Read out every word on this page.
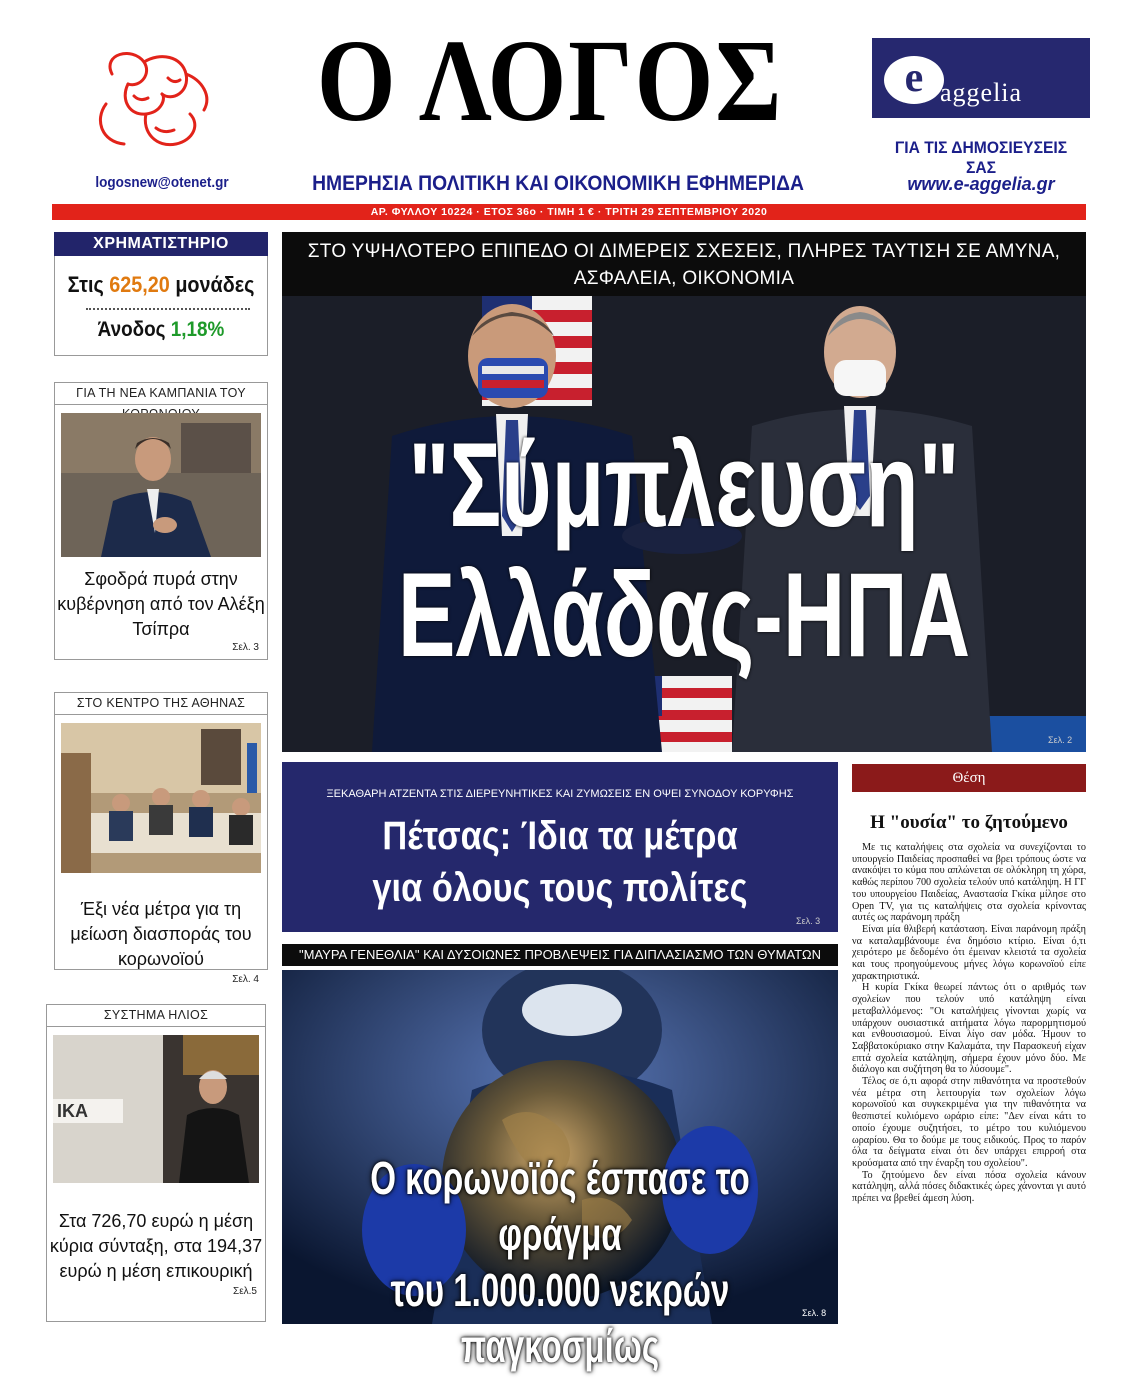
logosnew@otenet.gr
Ο ΛΟΓΟΣ
ΗΜΕΡΗΣΙΑ ΠΟΛΙΤΙΚΗ ΚΑΙ ΟΙΚΟΝΟΜΙΚΗ ΕΦΗΜΕΡΙΔΑ
e aggelia
ΓΙΑ ΤΙΣ ΔΗΜΟΣΙΕΥΣΕΙΣ ΣΑΣ
www.e-aggelia.gr
ΑΡ. ΦΥΛΛΟΥ 10224 · ΕΤΟΣ 36ο · ΤΙΜΗ 1 € · ΤΡΙΤΗ 29 ΣΕΠΤΕΜΒΡΙΟΥ 2020
ΧΡΗΜΑΤΙΣΤΗΡΙΟ
Στις 625,20 μονάδες
Άνοδος 1,18%
ΓΙΑ ΤΗ ΝΕΑ ΚΑΜΠΑΝΙΑ ΤΟΥ
Σφοδρά πυρά στην κυβέρνηση από τον Αλέξη Τσίπρα
Σελ. 3
ΣΤΟ ΚΕΝΤΡΟ ΤΗΣ ΑΘΗΝΑΣ
Έξι νέα μέτρα για τη μείωση διασποράς του κορωνοϊού
Σελ. 4
ΣΥΣΤΗΜΑ ΗΛΙΟΣ
ΙΚΑ
Στα 726,70 ευρώ η μέση κύρια σύνταξη, στα 194,37 ευρώ η μέση επικουρική
Σελ.5
ΣΤΟ ΥΨΗΛΟΤΕΡΟ ΕΠΙΠΕΔΟ ΟΙ ΔΙΜΕΡΕΙΣ ΣΧΕΣΕΙΣ, ΠΛΗΡΕΣ ΤΑΥΤΙΣΗ ΣΕ ΑΜΥΝΑ, ΑΣΦΑΛΕΙΑ, ΟΙΚΟΝΟΜΙΑ
"Σύμπλευση"
Ελλάδας-ΗΠΑ
Σελ. 2
ΞΕΚΑΘΑΡΗ ΑΤΖΕΝΤΑ ΣΤΙΣ ΔΙΕΡΕΥΝΗΤΙΚΕΣ ΚΑΙ ΖΥΜΩΣΕΙΣ ΕΝ ΟΨΕΙ ΣΥΝΟΔΟΥ ΚΟΡΥΦΗΣ
Πέτσας: Ίδια τα μέτρα
για όλους τους πολίτες
Σελ. 3
"ΜΑΥΡΑ ΓΕΝΕΘΛΙΑ" ΚΑΙ ΔΥΣΟΙΩΝΕΣ ΠΡΟΒΛΕΨΕΙΣ ΓΙΑ ΔΙΠΛΑΣΙΑΣΜΟ ΤΩΝ ΘΥΜΑΤΩΝ
Ο κορωνοϊός έσπασε το φράγμα
του 1.000.000 νεκρών παγκοσμίως
Σελ. 8
Θέση
Η "ουσία" το ζητούμενο

Με τις καταλήψεις στα σχολεία να συνεχίζονται το υπουργείο Παιδείας προσπαθεί να βρει τρόπους ώστε να ανακόψει το κύμα που απλώνεται σε ολόκληρη τη χώρα, καθώς περίπου 700 σχολεία τελούν υπό κατάληψη. Η ΓΓ του υπουργείου Παιδείας, Αναστασία Γκίκα μίλησε στο Open TV, για τις καταλήψεις στα σχολεία κρίνοντας αυτές ως παράνομη πράξη

Είναι μία θλιβερή κατάσταση. Είναι παράνομη πράξη να καταλαμβάνουμε ένα δημόσιο κτίριο. Είναι ό,τι χειρότερο με δεδομένο ότι έμειναν κλειστά τα σχολεία και τους προηγούμενους μήνες λόγω κορωνοϊού είπε χαρακτηριστικά.

Η κυρία Γκίκα θεωρεί πάντως ότι ο αριθμός των σχολείων που τελούν υπό κατάληψη είναι μεταβαλλόμενος: "Οι καταλήψεις γίνονται χωρίς να υπάρχουν ουσιαστικά αιτήματα λόγω παρορμητισμού και ενθουσιασμού. Είναι λίγο σαν μόδα. Ήμουν το Σαββατοκύριακο στην Καλαμάτα, την Παρασκευή είχαν επτά σχολεία κατάληψη, σήμερα έχουν μόνο δύο. Με διάλογο και συζήτηση θα το λύσουμε".

Τέλος σε ό,τι αφορά στην πιθανότητα να προστεθούν νέα μέτρα στη λειτουργία των σχολείων λόγω κορωνοϊού και συγκεκριμένα για την πιθανότητα να θεσπιστεί κυλιόμενο ωράριο είπε: "Δεν είναι κάτι το οποίο έχουμε συζητήσει, το μέτρο του κυλιόμενου ωραρίου. Θα το δούμε με τους ειδικούς. Προς το παρόν όλα τα δείγματα είναι ότι δεν υπάρχει επιρροή στα κρούσματα από την έναρξη του σχολείου".

Το ζητούμενο δεν είναι πόσα σχολεία κάνουν κατάληψη, αλλά πόσες διδακτικές ώρες χάνονται γι αυτό πρέπει να βρεθεί άμεση λύση.
